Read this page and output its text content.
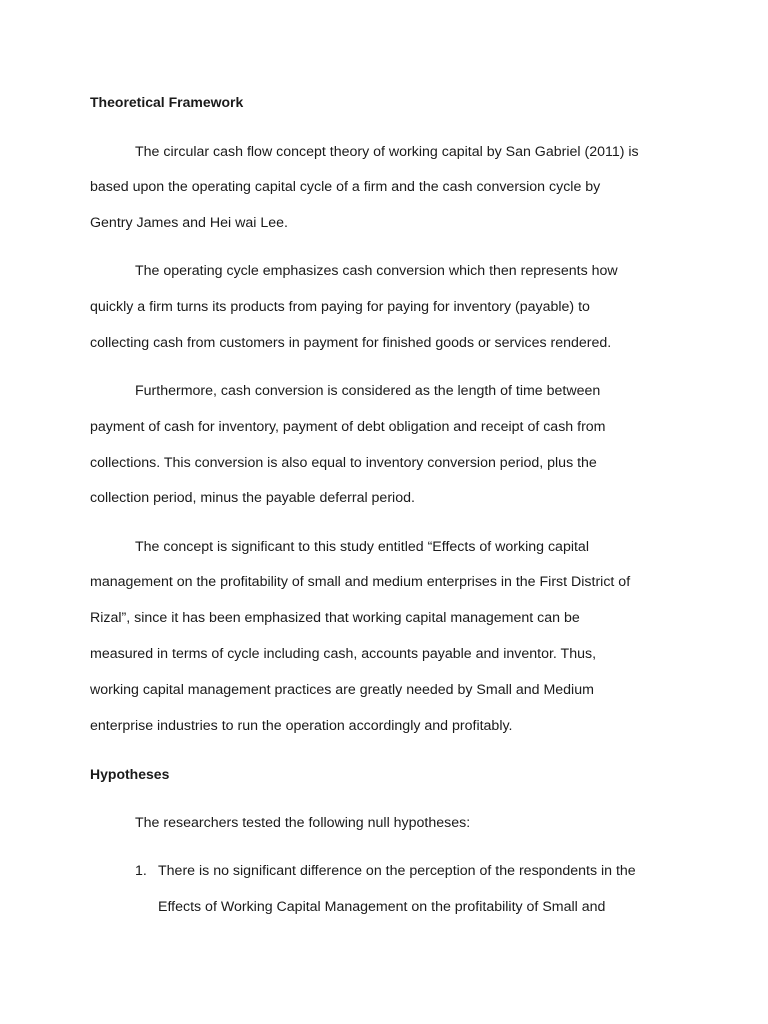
Theoretical Framework
The circular cash flow concept theory of working capital by San Gabriel (2011) is
based upon the operating capital cycle of a firm and the cash conversion cycle by
Gentry James and Hei wai Lee.
The operating cycle emphasizes cash conversion which then represents how
quickly a firm turns its products from paying for paying for inventory (payable) to
collecting cash from customers in payment for finished goods or services rendered.
Furthermore, cash conversion is considered as the length of time between
payment of cash for inventory, payment of debt obligation and receipt of cash from
collections. This conversion is also equal to inventory conversion period, plus the
collection period, minus the payable deferral period.
The concept is significant to this study entitled “Effects of working capital
management on the profitability of small and medium enterprises in the First District of
Rizal”, since it has been emphasized that working capital management can be
measured in terms of cycle including cash, accounts payable and inventor. Thus,
working capital management practices are greatly needed by Small and Medium
enterprise industries to run the operation accordingly and profitably.
Hypotheses
The researchers tested the following null hypotheses:
1. There is no significant difference on the perception of the respondents in the
Effects of Working Capital Management on the profitability of Small and
